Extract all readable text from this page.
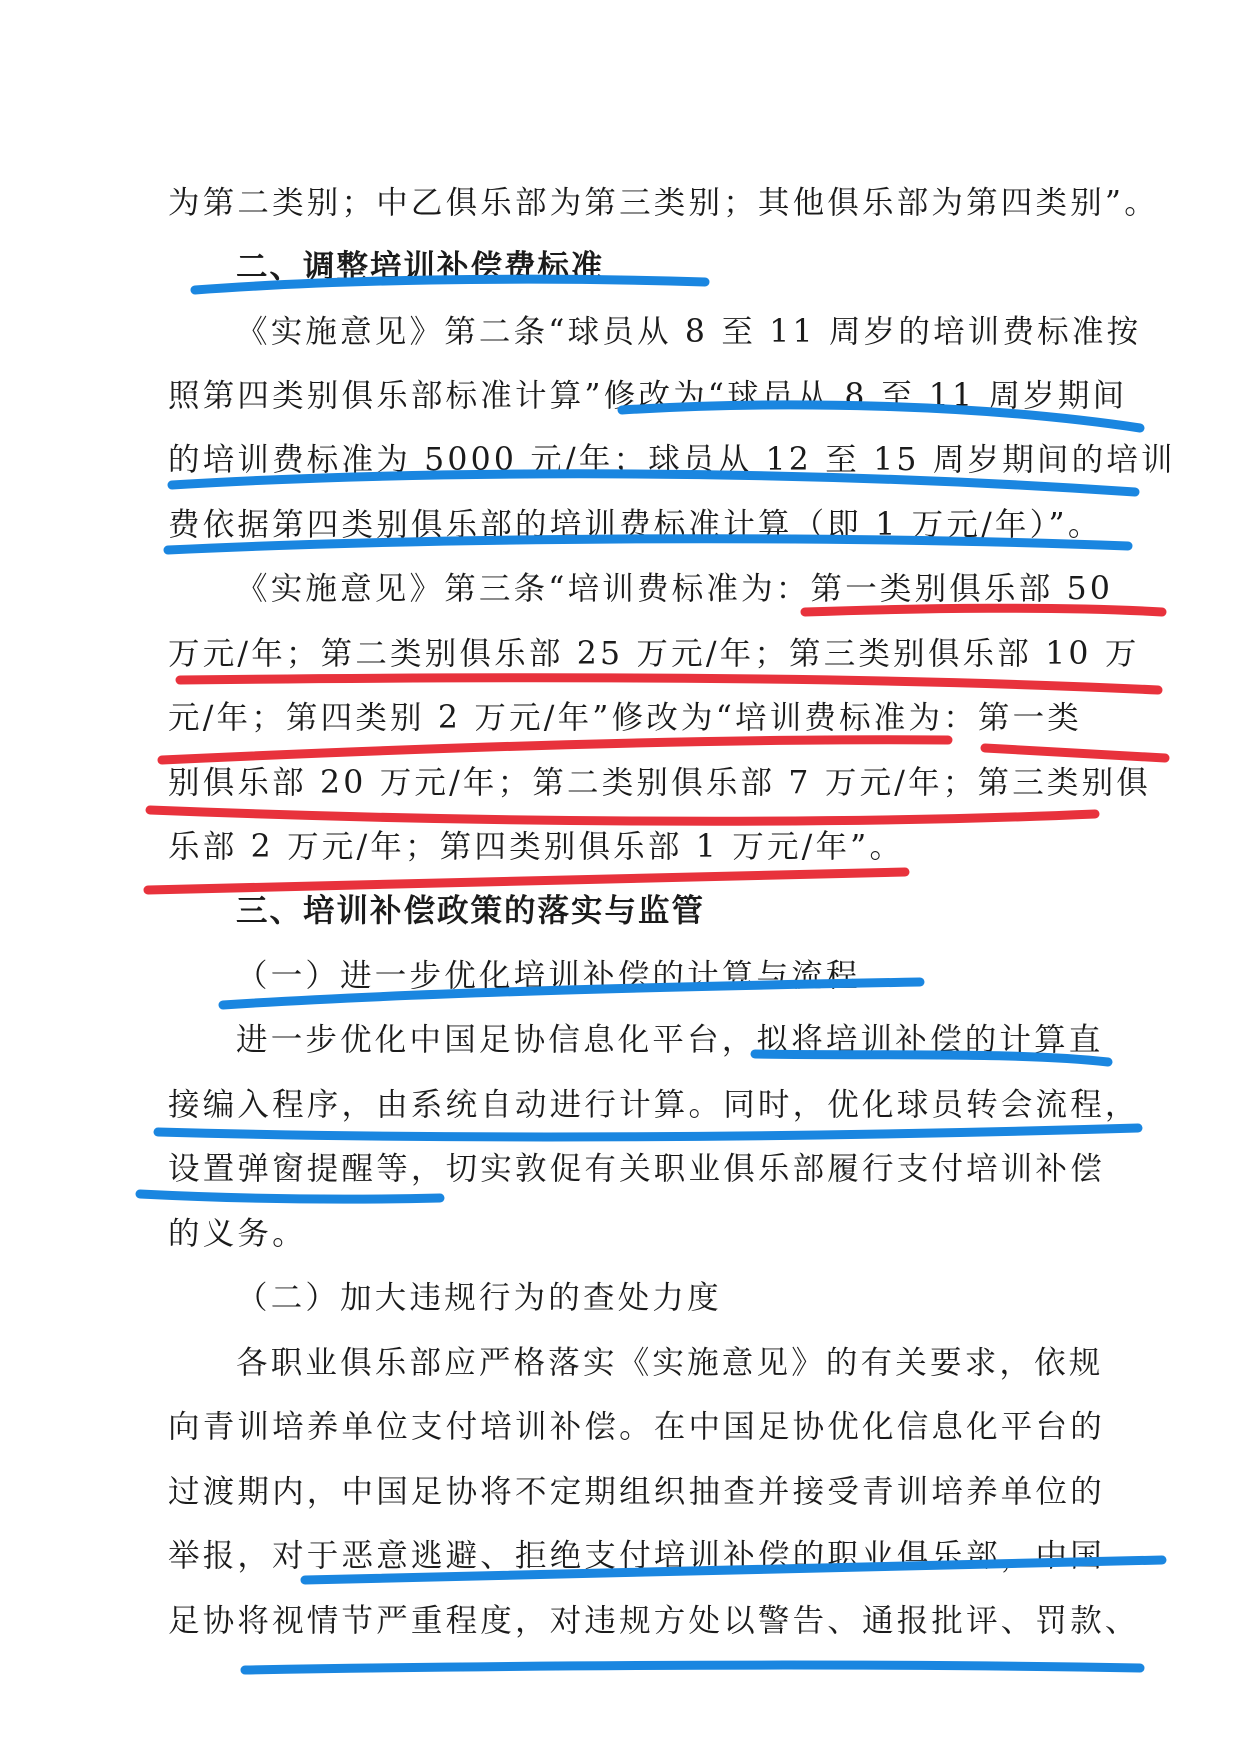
为第二类别；中乙俱乐部为第三类别；其他俱乐部为第四类别”。
二、调整培训补偿费标准
《实施意见》第二条“球员从 8 至 11 周岁的培训费标准按
照第四类别俱乐部标准计算”修改为“球员从 8 至 11 周岁期间
的培训费标准为 5000 元/年；球员从 12 至 15 周岁期间的培训
费依据第四类别俱乐部的培训费标准计算（即 1 万元/年）”。
《实施意见》第三条“培训费标准为：第一类别俱乐部 50
万元/年；第二类别俱乐部 25 万元/年；第三类别俱乐部 10 万
元/年；第四类别 2 万元/年”修改为“培训费标准为：第一类
别俱乐部 20 万元/年；第二类别俱乐部 7 万元/年；第三类别俱
乐部 2 万元/年；第四类别俱乐部 1 万元/年”。
三、培训补偿政策的落实与监管
（一）进一步优化培训补偿的计算与流程
进一步优化中国足协信息化平台，拟将培训补偿的计算直
接编入程序，由系统自动进行计算。同时，优化球员转会流程，
设置弹窗提醒等，切实敦促有关职业俱乐部履行支付培训补偿
的义务。
（二）加大违规行为的查处力度
各职业俱乐部应严格落实《实施意见》的有关要求，依规
向青训培养单位支付培训补偿。在中国足协优化信息化平台的
过渡期内，中国足协将不定期组织抽查并接受青训培养单位的
举报，对于恶意逃避、拒绝支付培训补偿的职业俱乐部，中国
足协将视情节严重程度，对违规方处以警告、通报批评、罚款、
